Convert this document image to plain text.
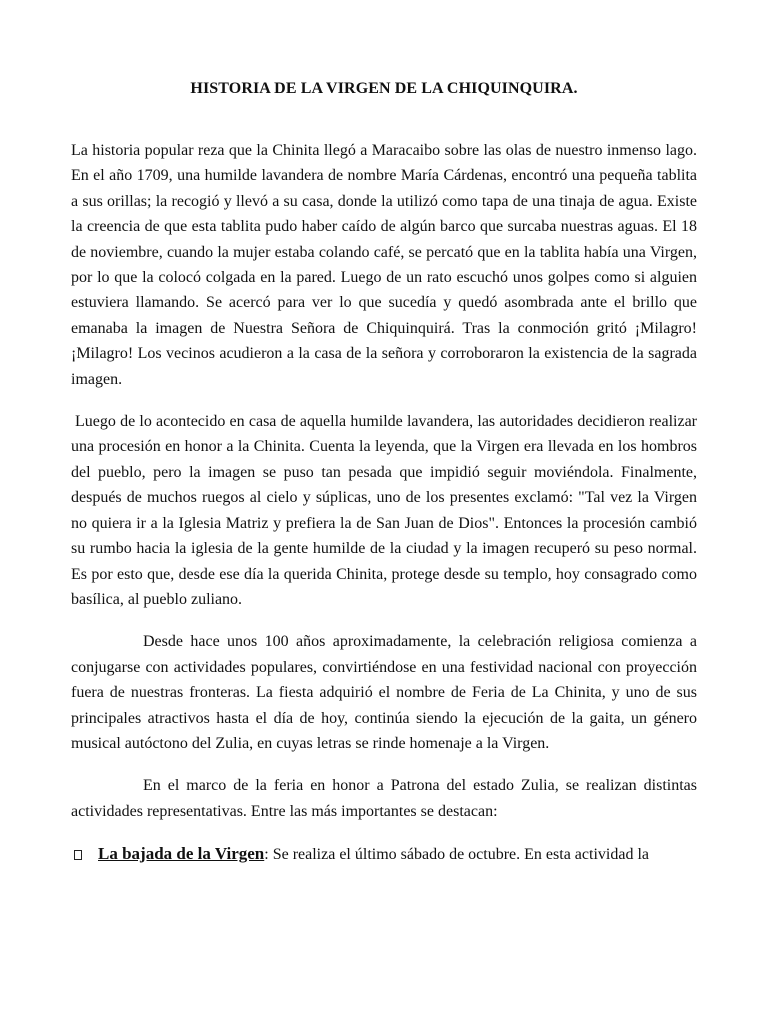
HISTORIA DE LA VIRGEN DE LA CHIQUINQUIRA.

La historia popular reza que la Chinita llegó a Maracaibo sobre las olas de nuestro inmenso lago. En el año 1709, una humilde lavandera de nombre María Cárdenas, encontró una pequeña tablita a sus orillas; la recogió y llevó a su casa, donde la utilizó como tapa de una tinaja de agua. Existe la creencia de que esta tablita pudo haber caído de algún barco que surcaba nuestras aguas. El 18 de noviembre, cuando la mujer estaba colando café, se percató que en la tablita había una Virgen, por lo que la colocó colgada en la pared. Luego de un rato escuchó unos golpes como si alguien estuviera llamando. Se acercó para ver lo que sucedía y quedó asombrada ante el brillo que emanaba la imagen de Nuestra Señora de Chiquinquirá. Tras la conmoción gritó ¡Milagro! ¡Milagro! Los vecinos acudieron a la casa de la señora y corroboraron la existencia de la sagrada imagen.

Luego de lo acontecido en casa de aquella humilde lavandera, las autoridades decidieron realizar una procesión en honor a la Chinita. Cuenta la leyenda, que la Virgen era llevada en los hombros del pueblo, pero la imagen se puso tan pesada que impidió seguir moviéndola. Finalmente, después de muchos ruegos al cielo y súplicas, uno de los presentes exclamó: "Tal vez la Virgen no quiera ir a la Iglesia Matriz y prefiera la de San Juan de Dios". Entonces la procesión cambió su rumbo hacia la iglesia de la gente humilde de la ciudad y la imagen recuperó su peso normal. Es por esto que, desde ese día la querida Chinita, protege desde su templo, hoy consagrado como basílica, al pueblo zuliano.

Desde hace unos 100 años aproximadamente, la celebración religiosa comienza a conjugarse con actividades populares, convirtiéndose en una festividad nacional con proyección fuera de nuestras fronteras. La fiesta adquirió el nombre de Feria de La Chinita, y uno de sus principales atractivos hasta el día de hoy, continúa siendo la ejecución de la gaita, un género musical autóctono del Zulia, en cuyas letras se rinde homenaje a la Virgen.

En el marco de la feria en honor a Patrona del estado Zulia, se realizan distintas actividades representativas. Entre las más importantes se destacan:

La bajada de la Virgen: Se realiza el último sábado de octubre. En esta actividad la
